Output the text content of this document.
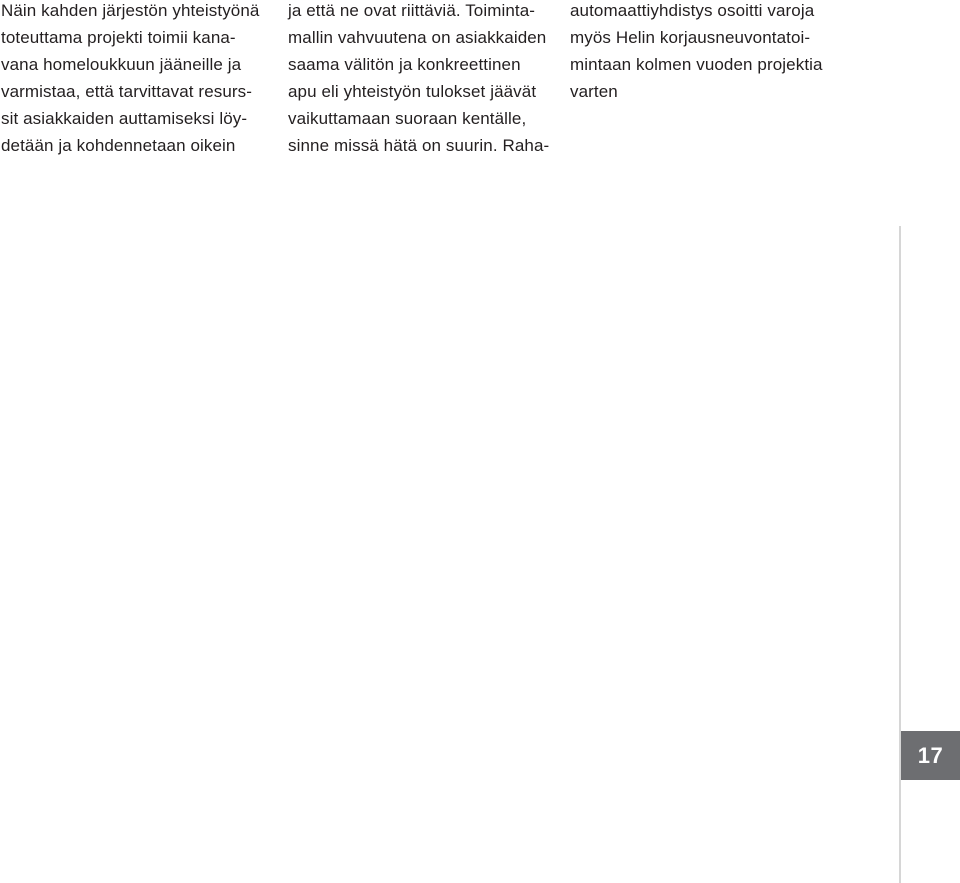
Näin kahden järjestön yhteistyönä
toteuttama projekti toimii kana-
vana homeloukkuun jääneille ja
varmistaa, että tarvittavat resurs-
sit asiakkaiden auttamiseksi löy-
detään ja kohdennetaan oikein
ja että ne ovat riittäviä. Toiminta-
mallin vahvuutena on asiakkaiden
saama välitön ja konkreettinen
apu eli yhteistyön tulokset jäävät
vaikuttamaan suoraan kentälle,
sinne missä hätä on suurin. Raha-
automaattiyhdistys osoitti varoja
myös Helin korjausneuvontatoi-
mintaan kolmen vuoden projektia
varten
17
